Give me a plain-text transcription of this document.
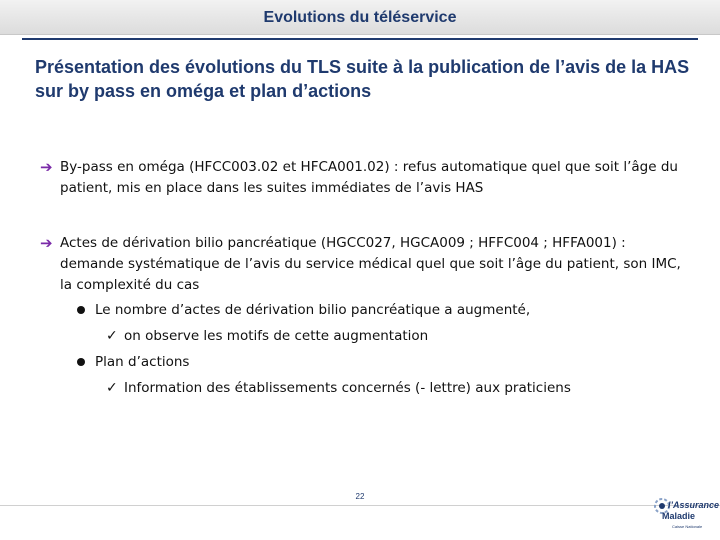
Evolutions du téléservice
Présentation des évolutions du TLS suite à la publication de l’avis de la HAS sur by pass en oméga et plan d’actions
➔ By-pass en oméga (HFCC003.02 et HFCA001.02) : refus automatique quel que soit l’âge du patient, mis en place dans les suites immédiates de l’avis HAS
➔ Actes de dérivation bilio pancréatique (HGCC027, HGCA009 ; HFFC004 ; HFFA001) : demande systématique de l’avis du service médical quel que soit l’âge du patient, son IMC, la complexité du cas
Le nombre d’actes de dérivation bilio pancréatique a augmenté,
✓ on observe les motifs de cette augmentation
Plan d’actions
✓ Information des établissements concernés (- lettre) aux praticiens
22
l’Assurance
Maladie
Caisse Nationale
